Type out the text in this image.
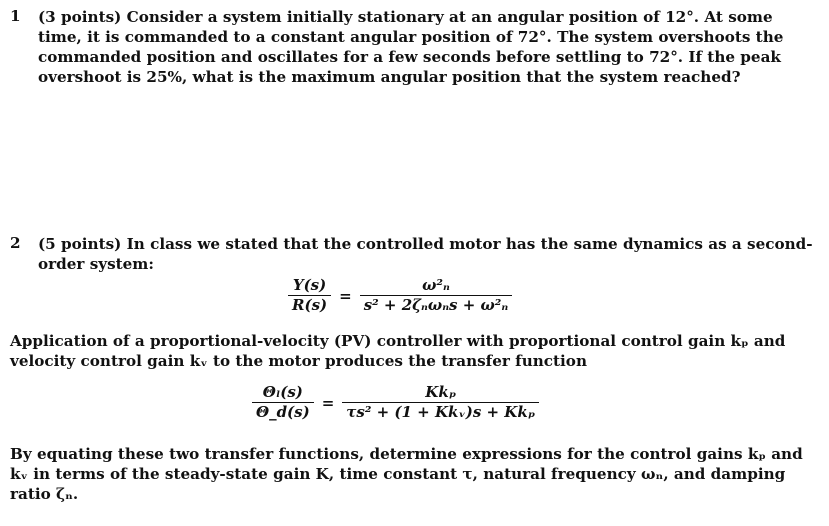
1 (3 points) Consider a system initially stationary at an angular position of 12°. At some
time, it is commanded to a constant angular position of 72°. The system overshoots the
commanded position and oscillates for a few seconds before settling to 72°. If the peak
overshoot is 25%, what is the maximum angular position that the system reached?
2 (5 points) In class we stated that the controlled motor has the same dynamics as a second-
order system:
$\frac{Y(s)}{R(s)} = \frac{\text{ω²ₙ}}{\text{s² + 2ζₙωₙs + ω²ₙ}}$
Application of a proportional-velocity (PV) controller with proportional control gain kₚ and
velocity control gain kᵥ to the motor produces the transfer function
$\frac{\text{Θₗ(s)}}{\Theta\_d(s)} = \frac{\text{Kkₚ}}{\text{τs² + (1 + Kkᵥ)s + Kkₚ}}$
By equating these two transfer functions, determine expressions for the control gains kₚ and
kᵥ in terms of the steady-state gain K, time constant τ, natural frequency ωₙ, and damping
ratio ζₙ.
